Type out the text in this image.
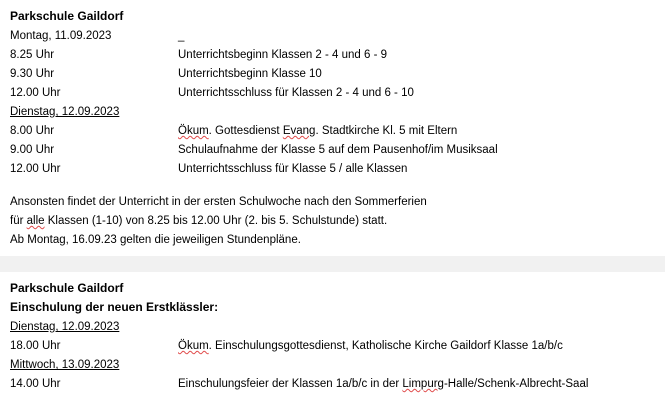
Parkschule Gaildorf
Montag, 11.09.2023	_
8.25 Uhr	Unterrichtsbeginn Klassen 2 - 4 und 6 - 9
9.30 Uhr	Unterrichtsbeginn Klasse 10
12.00 Uhr	Unterrichtsschluss für Klassen 2 - 4 und 6 - 10
Dienstag, 12.09.2023
8.00 Uhr	Ökum. Gottesdienst Evang. Stadtkirche Kl. 5 mit Eltern
9.00 Uhr	Schulaufnahme der Klasse 5 auf dem Pausenhof/im Musiksaal
12.00 Uhr	Unterrichtsschluss für Klasse 5 / alle Klassen
Ansonsten findet der Unterricht in der ersten Schulwoche nach den Sommerferien
für alle Klassen (1-10) von 8.25 bis 12.00 Uhr (2. bis 5. Schulstunde) statt.
Ab Montag, 16.09.23 gelten die jeweiligen Stundenpläne.
Parkschule Gaildorf
Einschulung der neuen Erstklässler:
Dienstag, 12.09.2023
18.00 Uhr	Ökum. Einschulungsgottesdienst, Katholische Kirche Gaildorf Klasse 1a/b/c
Mittwoch, 13.09.2023
14.00 Uhr	Einschulungsfeier der Klassen 1a/b/c in der Limpurg-Halle/Schenk-Albrecht-Saal
